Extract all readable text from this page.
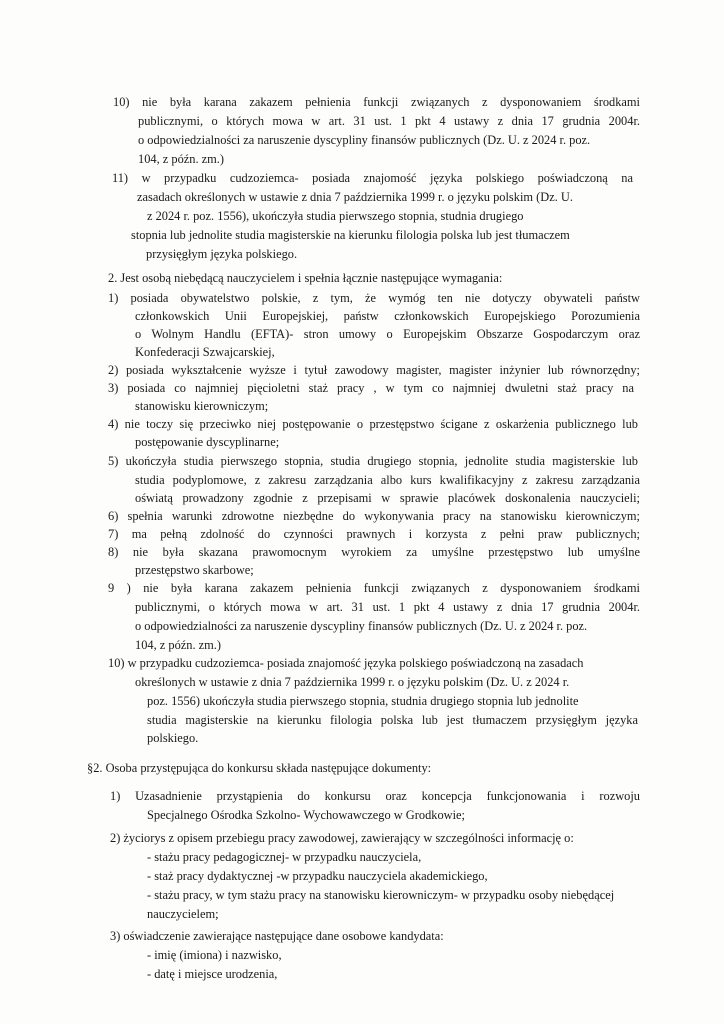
10) nie była karana zakazem pełnienia funkcji związanych z dysponowaniem środkami
publicznymi, o których mowa w art. 31 ust. 1 pkt 4 ustawy z dnia 17 grudnia 2004r.
o odpowiedzialności za naruszenie dyscypliny finansów publicznych (Dz. U. z 2024 r. poz.
104, z późn. zm.)
11) w przypadku cudzoziemca- posiada znajomość języka polskiego poświadczoną na
zasadach określonych w ustawie z dnia 7 października 1999 r. o języku polskim (Dz. U.
z 2024 r. poz. 1556), ukończyła studia pierwszego stopnia, studnia drugiego
stopnia lub jednolite studia magisterskie na kierunku filologia polska lub jest tłumaczem
przysięgłym języka polskiego.
2. Jest osobą niebędącą nauczycielem i spełnia łącznie następujące wymagania:
1) posiada obywatelstwo polskie, z tym, że wymóg ten nie dotyczy obywateli państw
członkowskich Unii Europejskiej, państw członkowskich Europejskiego Porozumienia
o Wolnym Handlu (EFTA)- stron umowy o Europejskim Obszarze Gospodarczym oraz
Konfederacji Szwajcarskiej,
2) posiada wykształcenie wyższe i tytuł zawodowy magister, magister inżynier lub równorzędny;
3) posiada co najmniej pięcioletni staż pracy , w tym co najmniej dwuletni staż pracy na
stanowisku kierowniczym;
4) nie toczy się przeciwko niej postępowanie o przestępstwo ścigane z oskarżenia publicznego lub
postępowanie dyscyplinarne;
5) ukończyła studia pierwszego stopnia, studia drugiego stopnia, jednolite studia magisterskie lub
studia podyplomowe, z zakresu zarządzania albo kurs kwalifikacyjny z zakresu zarządzania
oświatą prowadzony zgodnie z przepisami w sprawie placówek doskonalenia nauczycieli;
6) spełnia warunki zdrowotne niezbędne do wykonywania pracy na stanowisku kierowniczym;
7) ma pełną zdolność do czynności prawnych i korzysta z pełni praw publicznych;
8) nie była skazana prawomocnym wyrokiem za umyślne przestępstwo lub umyślne
przestępstwo skarbowe;
9 ) nie była karana zakazem pełnienia funkcji związanych z dysponowaniem środkami
publicznymi, o których mowa w art. 31 ust. 1 pkt 4 ustawy z dnia 17 grudnia 2004r.
o odpowiedzialności za naruszenie dyscypliny finansów publicznych (Dz. U. z 2024 r. poz.
104, z późn. zm.)
10) w przypadku cudzoziemca- posiada znajomość języka polskiego poświadczoną na zasadach
określonych w ustawie z dnia 7 października 1999 r. o języku polskim (Dz. U. z 2024 r.
poz. 1556) ukończyła studia pierwszego stopnia, studnia drugiego stopnia lub jednolite
studia magisterskie na kierunku filologia polska lub jest tłumaczem przysięgłym języka
polskiego.
§2. Osoba przystępująca do konkursu składa następujące dokumenty:
1) Uzasadnienie przystąpienia do konkursu oraz koncepcja funkcjonowania i rozwoju
Specjalnego Ośrodka Szkolno- Wychowawczego w Grodkowie;
2) życiorys z opisem przebiegu pracy zawodowej, zawierający w szczególności informację o:
- stażu pracy pedagogicznej- w przypadku nauczyciela,
- staż pracy dydaktycznej -w przypadku nauczyciela akademickiego,
- stażu pracy, w tym stażu pracy na stanowisku kierowniczym- w przypadku osoby niebędącej
nauczycielem;
3) oświadczenie zawierające następujące dane osobowe kandydata:
- imię (imiona) i nazwisko,
- datę i miejsce urodzenia,
